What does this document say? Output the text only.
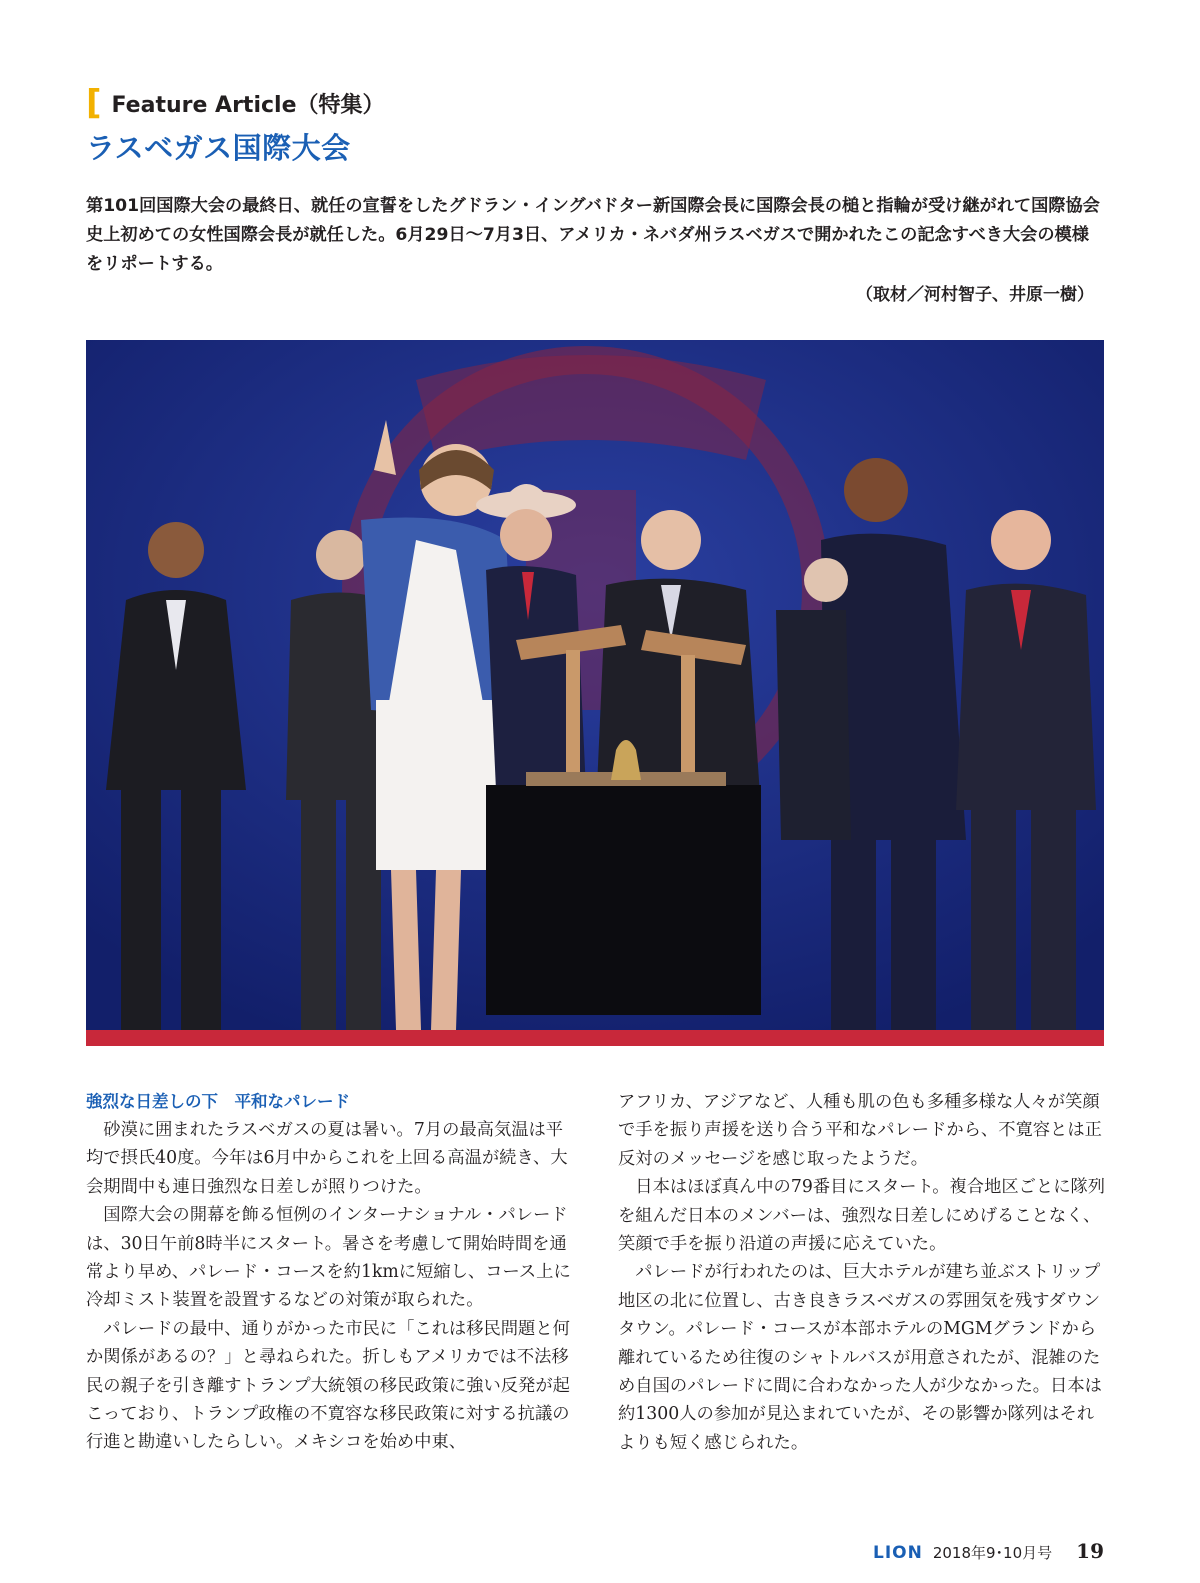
[ Feature Article（特集）
ラスベガス国際大会

第101回国際大会の最終日、就任の宣誓をしたグドラン・イングバドター新国際会長に国際会長の槌と指輪が受け継がれて国際協会史上初めての女性国際会長が就任した。6月29日～7月3日、アメリカ・ネバダ州ラスベガスで開かれたこの記念すべき大会の模様をリポートする。

（取材／河村智子、井原一樹）
強烈な日差しの下　平和なパレード

砂漠に囲まれたラスベガスの夏は暑い。7月の最高気温は平均で摂氏40度。今年は6月中からこれを上回る高温が続き、大会期間中も連日強烈な日差しが照りつけた。

国際大会の開幕を飾る恒例のインターナショナル・パレードは、30日午前8時半にスタート。暑さを考慮して開始時間を通常より早め、パレード・コースを約1kmに短縮し、コース上に冷却ミスト装置を設置するなどの対策が取られた。

パレードの最中、通りがかった市民に「これは移民問題と何か関係があるの？」と尋ねられた。折しもアメリカでは不法移民の親子を引き離すトランプ大統領の移民政策に強い反発が起こっており、トランプ政権の不寛容な移民政策に対する抗議の行進と勘違いしたらしい。メキシコを始め中東、

アフリカ、アジアなど、人種も肌の色も多種多様な人々が笑顔で手を振り声援を送り合う平和なパレードから、不寛容とは正反対のメッセージを感じ取ったようだ。

日本はほぼ真ん中の79番目にスタート。複合地区ごとに隊列を組んだ日本のメンバーは、強烈な日差しにめげることなく、笑顔で手を振り沿道の声援に応えていた。

パレードが行われたのは、巨大ホテルが建ち並ぶストリップ地区の北に位置し、古き良きラスベガスの雰囲気を残すダウンタウン。パレード・コースが本部ホテルのMGMグランドから離れているため往復のシャトルバスが用意されたが、混雑のため自国のパレードに間に合わなかった人が少なかった。日本は約1300人の参加が見込まれていたが、その影響か隊列はそれよりも短く感じられた。

LION 2018年9･10月号 19
